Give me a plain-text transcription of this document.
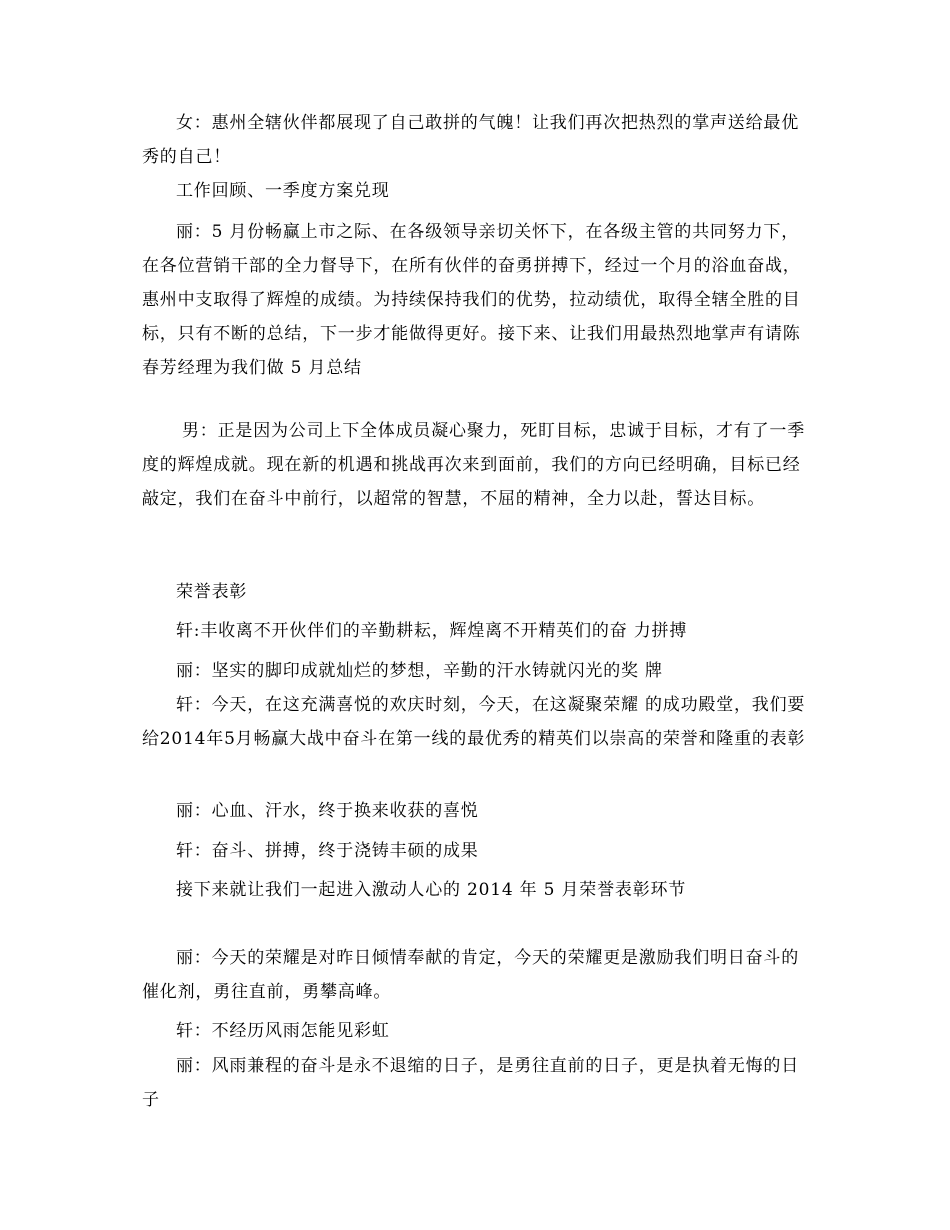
女：惠州全辖伙伴都展现了自己敢拼的气魄！让我们再次把热烈的掌声送给最优秀的自己！

工作回顾、一季度方案兑现

丽：5 月份畅赢上市之际、在各级领导亲切关怀下，在各级主管的共同努力下，在各位营销干部的全力督导下，在所有伙伴的奋勇拼搏下，经过一个月的浴血奋战，惠州中支取得了辉煌的成绩。为持续保持我们的优势，拉动绩优，取得全辖全胜的目标，只有不断的总结，下一步才能做得更好。接下来、让我们用最热烈地掌声有请陈春芳经理为我们做 5 月总结

男：正是因为公司上下全体成员凝心聚力，死盯目标，忠诚于目标，才有了一季度的辉煌成就。现在新的机遇和挑战再次来到面前，我们的方向已经明确，目标已经敲定，我们在奋斗中前行，以超常的智慧，不屈的精神，全力以赴，誓达目标。

荣誉表彰

轩:丰收离不开伙伴们的辛勤耕耘，辉煌离不开精英们的奋 力拼搏

丽：坚实的脚印成就灿烂的梦想，辛勤的汗水铸就闪光的奖 牌

轩：今天，在这充满喜悦的欢庆时刻，今天，在这凝聚荣耀 的成功殿堂，我们要给2014年5月畅赢大战中奋斗在第一线的最优秀的精英们以崇高的荣誉和隆重的表彰

丽：心血、汗水，终于换来收获的喜悦

轩：奋斗、拼搏，终于浇铸丰硕的成果

接下来就让我们一起进入激动人心的 2014 年 5 月荣誉表彰环节

丽：今天的荣耀是对昨日倾情奉献的肯定，今天的荣耀更是激励我们明日奋斗的催化剂，勇往直前，勇攀高峰。

轩：不经历风雨怎能见彩虹

丽：风雨兼程的奋斗是永不退缩的日子，是勇往直前的日子，更是执着无悔的日子
